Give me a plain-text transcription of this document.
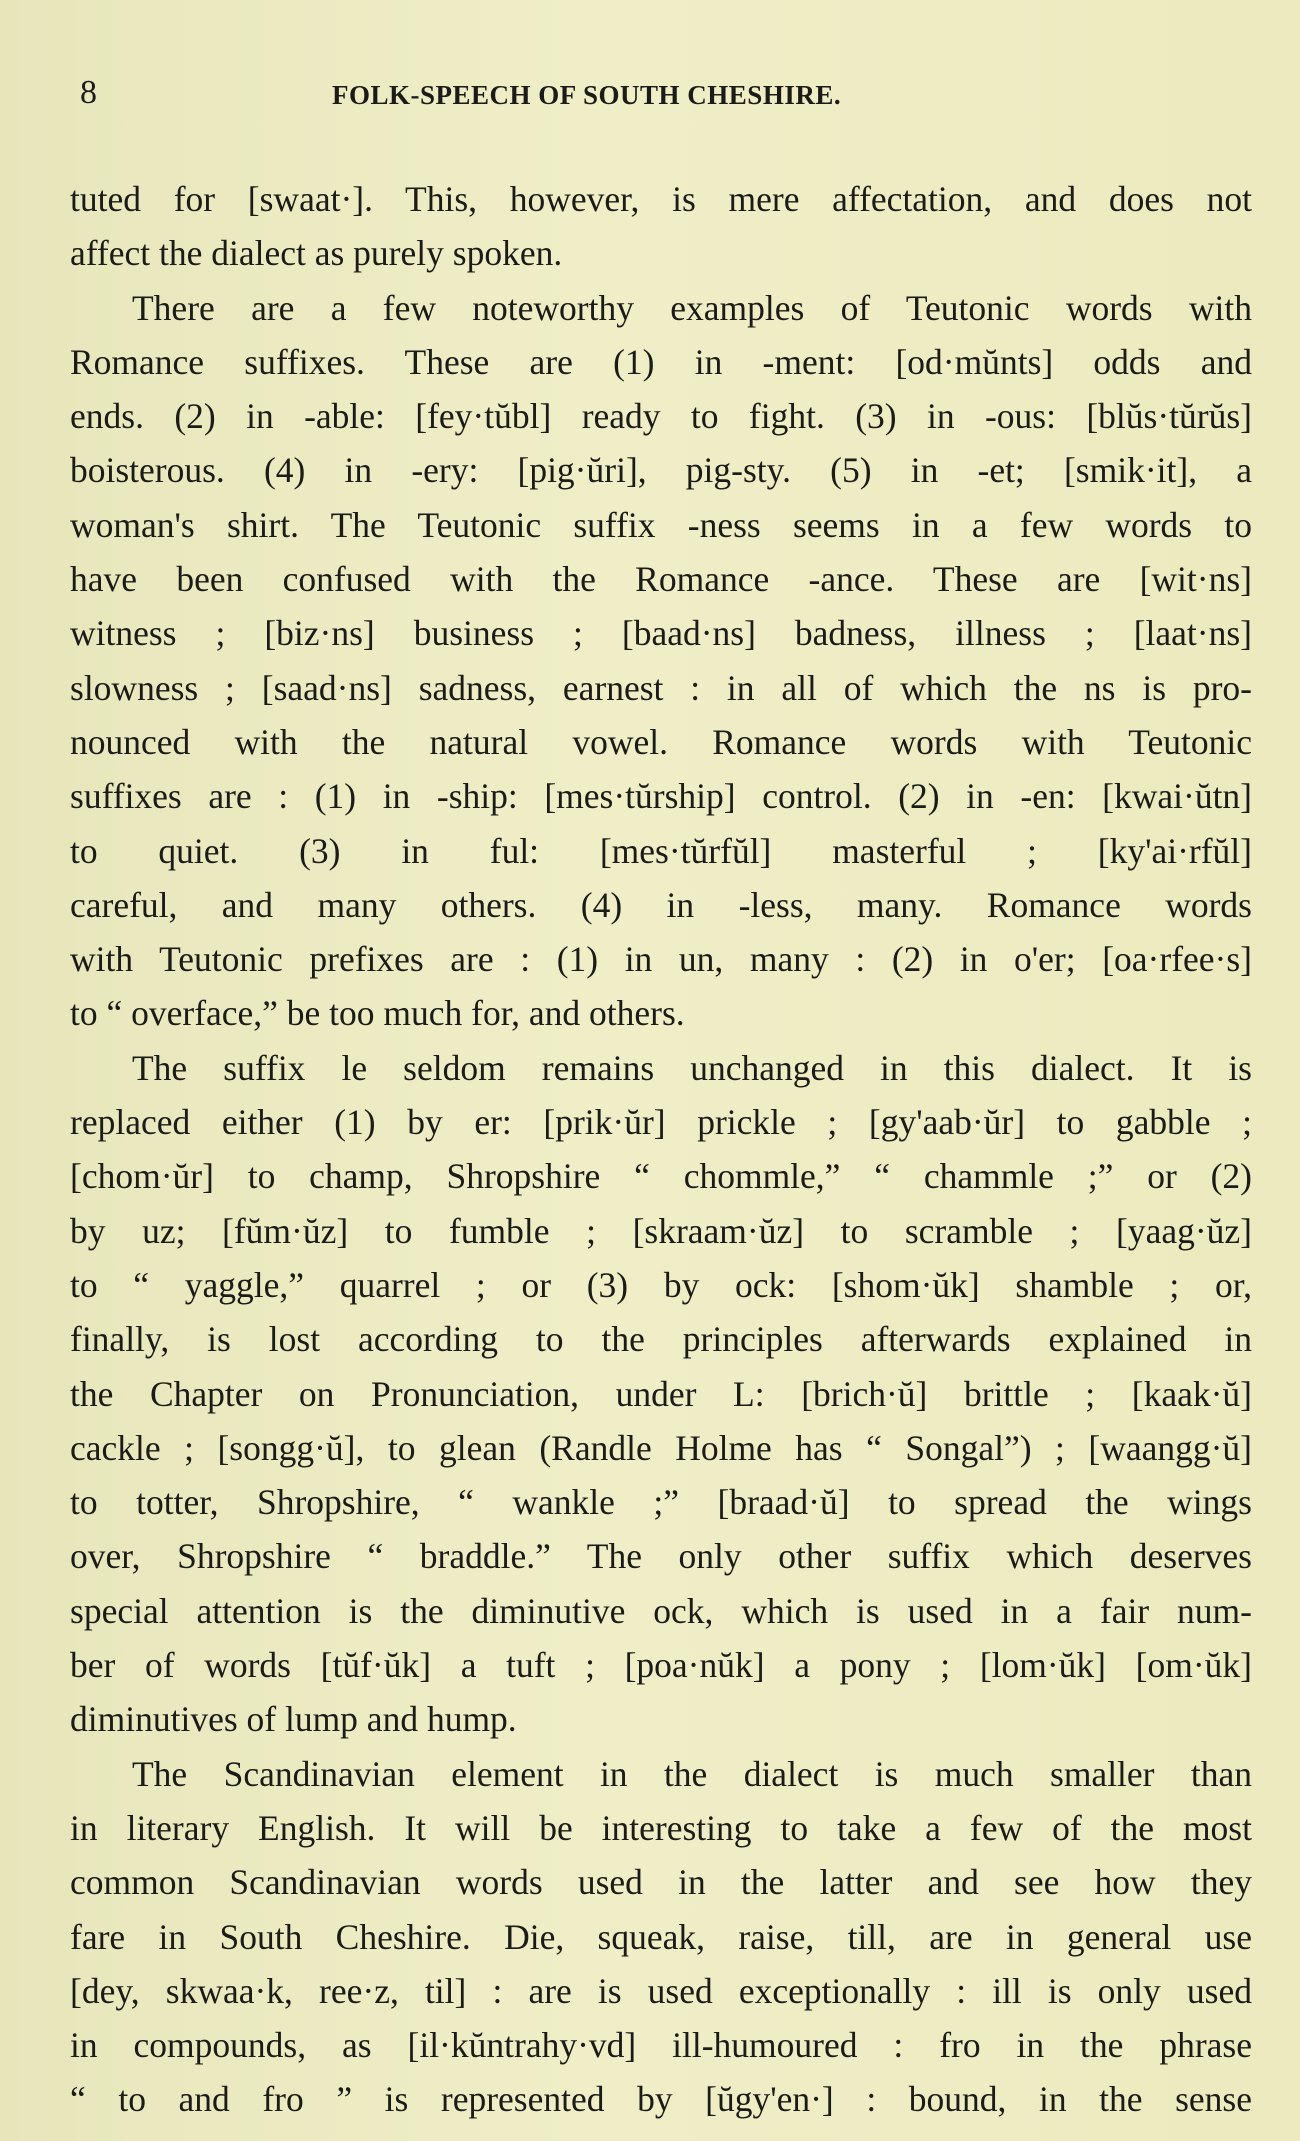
8	FOLK-SPEECH OF SOUTH CHESHIRE.
tuted for [swaat·]. This, however, is mere affectation, and does not
affect the dialect as purely spoken.
There are a few noteworthy examples of Teutonic words with
Romance suffixes. These are (1) in -ment: [od·mŭnts] odds and
ends. (2) in -able: [fey·tŭbl] ready to fight. (3) in -ous: [blŭs·tŭrŭs]
boisterous. (4) in -ery: [pig·ŭri], pig-sty. (5) in -et; [smik·it], a
woman's shirt. The Teutonic suffix -ness seems in a few words to
have been confused with the Romance -ance. These are [wit·ns]
witness ; [biz·ns] business ; [baad·ns] badness, illness ; [laat·ns]
slowness ; [saad·ns] sadness, earnest : in all of which the ns is pro-
nounced with the natural vowel. Romance words with Teutonic
suffixes are : (1) in -ship: [mes·tŭrship] control. (2) in -en: [kwai·ŭtn]
to quiet. (3) in ful: [mes·tŭrfŭl] masterful ; [ky'ai·rfŭl]
careful, and many others. (4) in -less, many. Romance words
with Teutonic prefixes are : (1) in un, many : (2) in o'er; [oa·rfee·s]
to “ overface,” be too much for, and others.
The suffix le seldom remains unchanged in this dialect. It is
replaced either (1) by er: [prik·ŭr] prickle ; [gy'aab·ŭr] to gabble ;
[chom·ŭr] to champ, Shropshire “ chommle,” “ chammle ;” or (2)
by uz; [fŭm·ŭz] to fumble ; [skraam·ŭz] to scramble ; [yaag·ŭz]
to “ yaggle,” quarrel ; or (3) by ock: [shom·ŭk] shamble ; or,
finally, is lost according to the principles afterwards explained in
the Chapter on Pronunciation, under L: [brich·ŭ] brittle ; [kaak·ŭ]
cackle ; [songg·ŭ], to glean (Randle Holme has “ Songal”) ; [waangg·ŭ]
to totter, Shropshire, “ wankle ;” [braad·ŭ] to spread the wings
over, Shropshire “ braddle.” The only other suffix which deserves
special attention is the diminutive ock, which is used in a fair num-
ber of words [tŭf·ŭk] a tuft ; [poa·nŭk] a pony ; [lom·ŭk] [om·ŭk]
diminutives of lump and hump.
The Scandinavian element in the dialect is much smaller than
in literary English. It will be interesting to take a few of the most
common Scandinavian words used in the latter and see how they
fare in South Cheshire. Die, squeak, raise, till, are in general use
[dey, skwaa·k, ree·z, til] : are is used exceptionally : ill is only used
in compounds, as [il·kŭntrahy·vd] ill-humoured : fro in the phrase
“ to and fro ” is represented by [ŭgy'en·] : bound, in the sense
